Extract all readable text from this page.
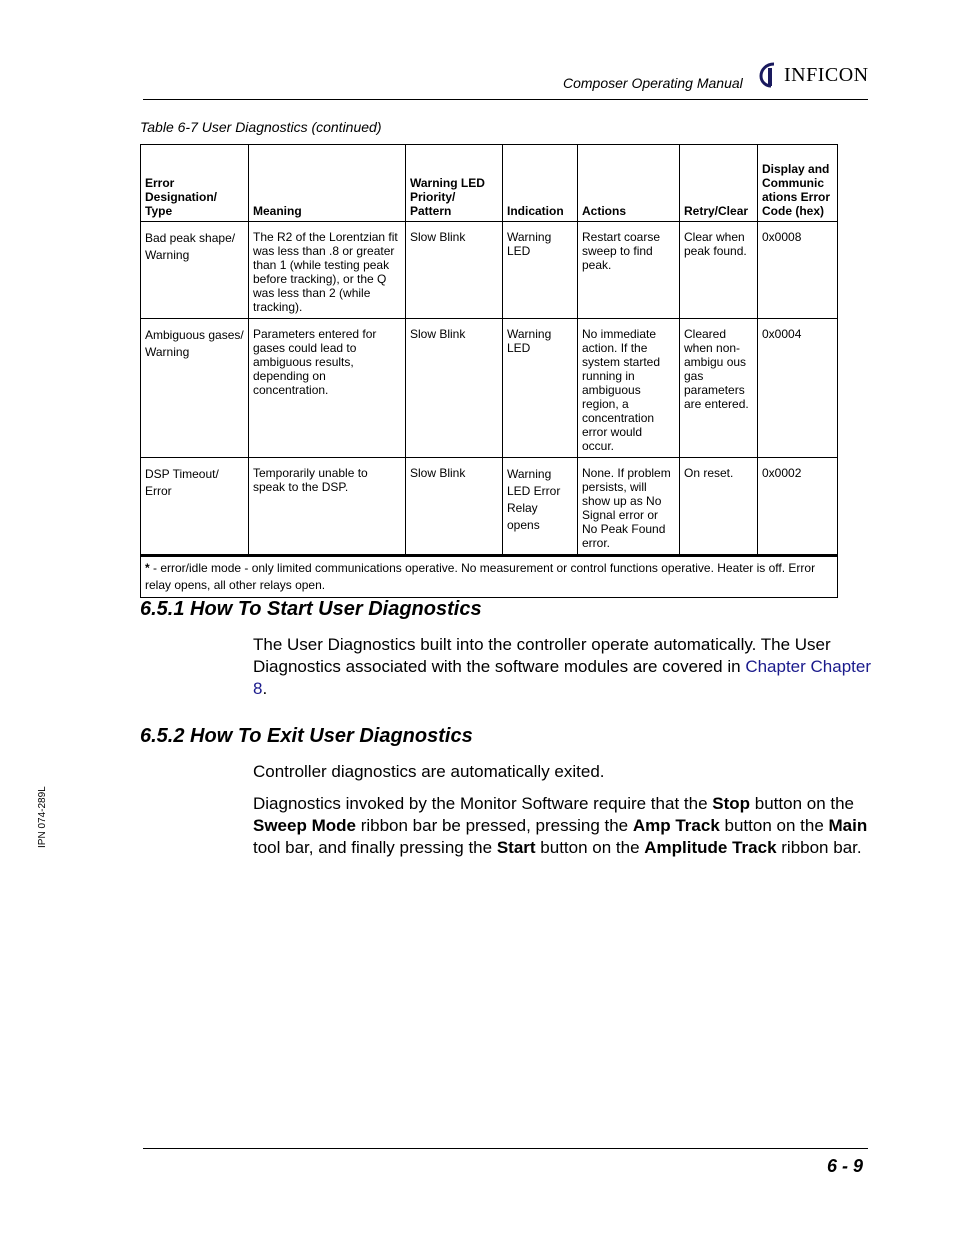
Composer Operating Manual INFICON
Table 6-7 User Diagnostics (continued)
Error Designation/ Type	Meaning	Warning LED Priority/ Pattern	Indication	Actions	Retry/Clear	Display and Communic ations Error Code (hex)
Bad peak shape/ Warning	The R2 of the Lorentzian fit was less than .8 or greater than 1 (while testing peak before tracking), or the Q was less than 2 (while tracking).	Slow Blink	Warning LED	Restart coarse sweep to find peak.	Clear when peak found.	0x0008
Ambiguous gases/ Warning	Parameters entered for gases could lead to ambiguous results, depending on concentration.	Slow Blink	Warning LED	No immediate action. If the system started running in ambiguous region, a concentration error would occur.	Cleared when non-ambigu ous gas parameters are entered.	0x0004
DSP Timeout/ Error	Temporarily unable to speak to the DSP.	Slow Blink	Warning LED Error Relay opens	None. If problem persists, will show up as No Signal error or No Peak Found error.	On reset.	0x0002
* - error/idle mode - only limited communications operative. No measurement or control functions operative. Heater is off. Error relay opens, all other relays open.						
6.5.1 How To Start User Diagnostics

The User Diagnostics built into the controller operate automatically. The User Diagnostics associated with the software modules are covered in Chapter Chapter 8.

6.5.2 How To Exit User Diagnostics

Controller diagnostics are automatically exited.

Diagnostics invoked by the Monitor Software require that the Stop button on the Sweep Mode ribbon bar be pressed, pressing the Amp Track button on the Main tool bar, and finally pressing the Start button on the Amplitude Track ribbon bar.

IPN 074-289L
6 - 9
